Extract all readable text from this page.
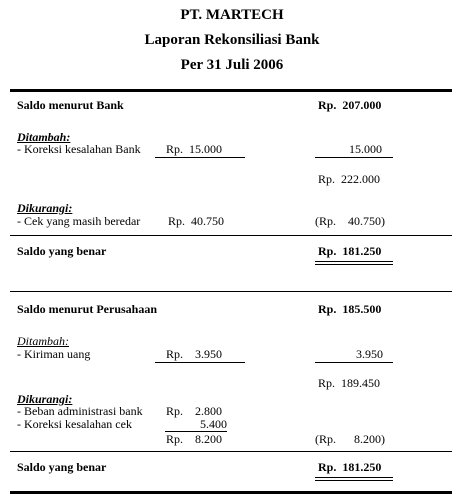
PT. MARTECH
Laporan Rekonsiliasi Bank
Per 31 Juli 2006
Saldo menurut Bank	Rp.  207.000
Ditambah:
- Koreksi kesalahan Bank Rp.  15.000	15.000
Rp.  222.000
Dikurangi:
- Cek yang masih beredar Rp.  40.750	(Rp.    40.750)
Saldo yang benar	Rp.  181.250
Saldo menurut Perusahaan	Rp.  185.500
Ditambah:
- Kiriman uang	Rp.    3.950	3.950
Rp.  189.450
Dikurangi:
- Beban administrasi bank Rp.    2.800
- Koreksi kesalahan cek	5.400
Rp.    8.200	(Rp.      8.200)
Saldo yang benar	Rp.  181.250
